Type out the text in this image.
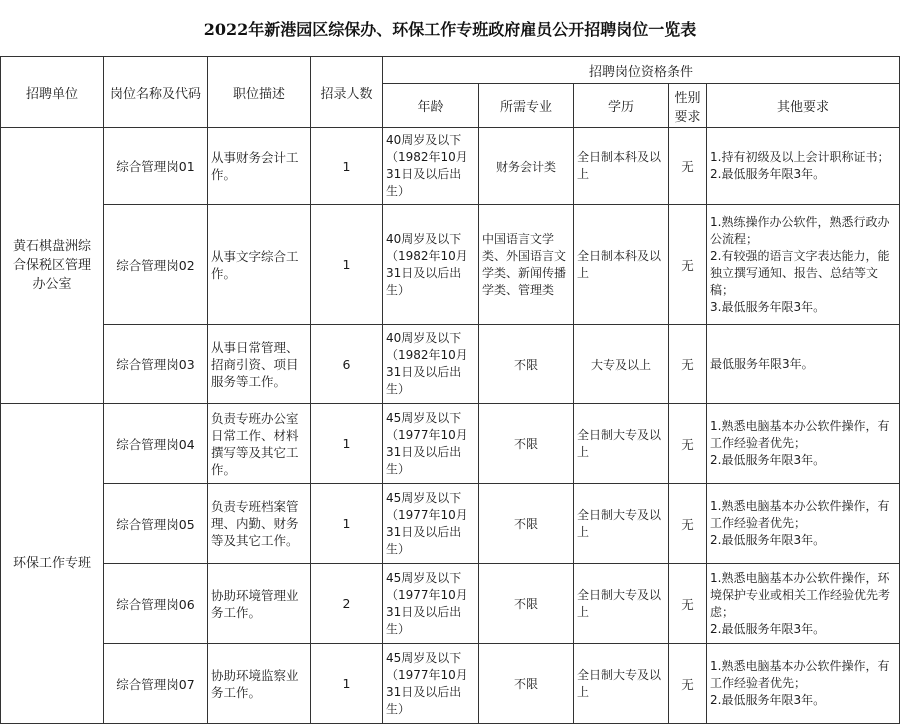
2022年新港园区综保办、环保工作专班政府雇员公开招聘岗位一览表
招聘单位	岗位名称及代码	职位描述	招录人数	招聘岗位资格条件				
				年龄	所需专业	学历	性别要求	其他要求
黄石棋盘洲综合保税区管理办公室	综合管理岗01	从事财务会计工作。	1	40周岁及以下（1982年10月31日及以后出生）	财务会计类	全日制本科及以上	无	1.持有初级及以上会计职称证书；
2.最低服务年限3年。
	综合管理岗02	从事文字综合工作。	1	40周岁及以下（1982年10月31日及以后出生）	中国语言文学类、外国语言文学类、新闻传播学类、管理类	全日制本科及以上	无	1.熟练操作办公软件，熟悉行政办公流程；
2.有较强的语言文字表达能力，能独立撰写通知、报告、总结等文稿；
3.最低服务年限3年。
	综合管理岗03	从事日常管理、招商引资、项目服务等工作。	6	40周岁及以下（1982年10月31日及以后出生）	不限	大专及以上	无	最低服务年限3年。
环保工作专班	综合管理岗04	负责专班办公室日常工作、材料撰写等及其它工作。	1	45周岁及以下（1977年10月31日及以后出生）	不限	全日制大专及以上	无	1.熟悉电脑基本办公软件操作，有工作经验者优先；
2.最低服务年限3年。
	综合管理岗05	负责专班档案管理、内勤、财务等及其它工作。	1	45周岁及以下（1977年10月31日及以后出生）	不限	全日制大专及以上	无	1.熟悉电脑基本办公软件操作，有工作经验者优先；
2.最低服务年限3年。
	综合管理岗06	协助环境管理业务工作。	2	45周岁及以下（1977年10月31日及以后出生）	不限	全日制大专及以上	无	1.熟悉电脑基本办公软件操作，环境保护专业或相关工作经验优先考虑；
2.最低服务年限3年。
	综合管理岗07	协助环境监察业务工作。	1	45周岁及以下（1977年10月31日及以后出生）	不限	全日制大专及以上	无	1.熟悉电脑基本办公软件操作，有工作经验者优先；
2.最低服务年限3年。
